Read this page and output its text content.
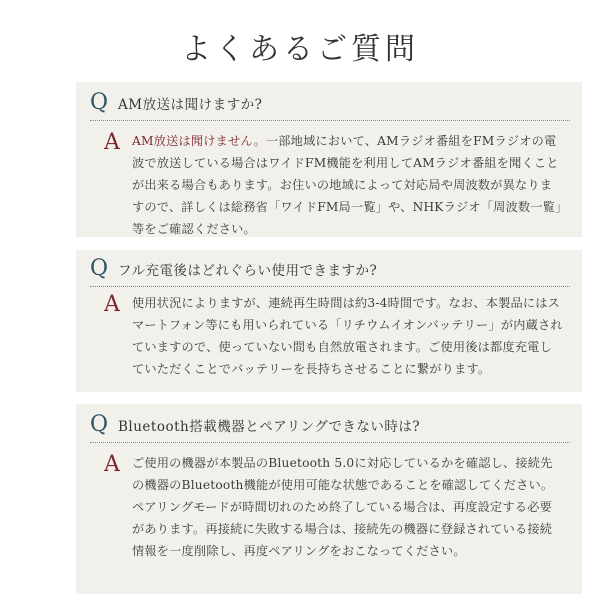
よくあるご質問
Q AM放送は聞けますか?
A AM放送は聞けません。一部地域において、AMラジオ番組をFMラジオの電波で放送している場合はワイドFM機能を利用してAMラジオ番組を聞くことが出来る場合もあります。お住いの地域によって対応局や周波数が異なりますので、詳しくは総務省「ワイドFM局一覧」や、NHKラジオ「周波数一覧」等をご確認ください。
Q フル充電後はどれぐらい使用できますか?
A 使用状況によりますが、連続再生時間は約3-4時間です。なお、本製品にはスマートフォン等にも用いられている「リチウムイオンバッテリー」が内蔵されていますので、使っていない間も自然放電されます。ご使用後は都度充電していただくことでバッテリーを長持ちさせることに繋がります。
Q Bluetooth搭載機器とペアリングできない時は?
A ご使用の機器が本製品のBluetooth 5.0に対応しているかを確認し、接続先の機器のBluetooth機能が使用可能な状態であることを確認してください。ペアリングモードが時間切れのため終了している場合は、再度設定する必要があります。再接続に失敗する場合は、接続先の機器に登録されている接続情報を一度削除し、再度ペアリングをおこなってください。
